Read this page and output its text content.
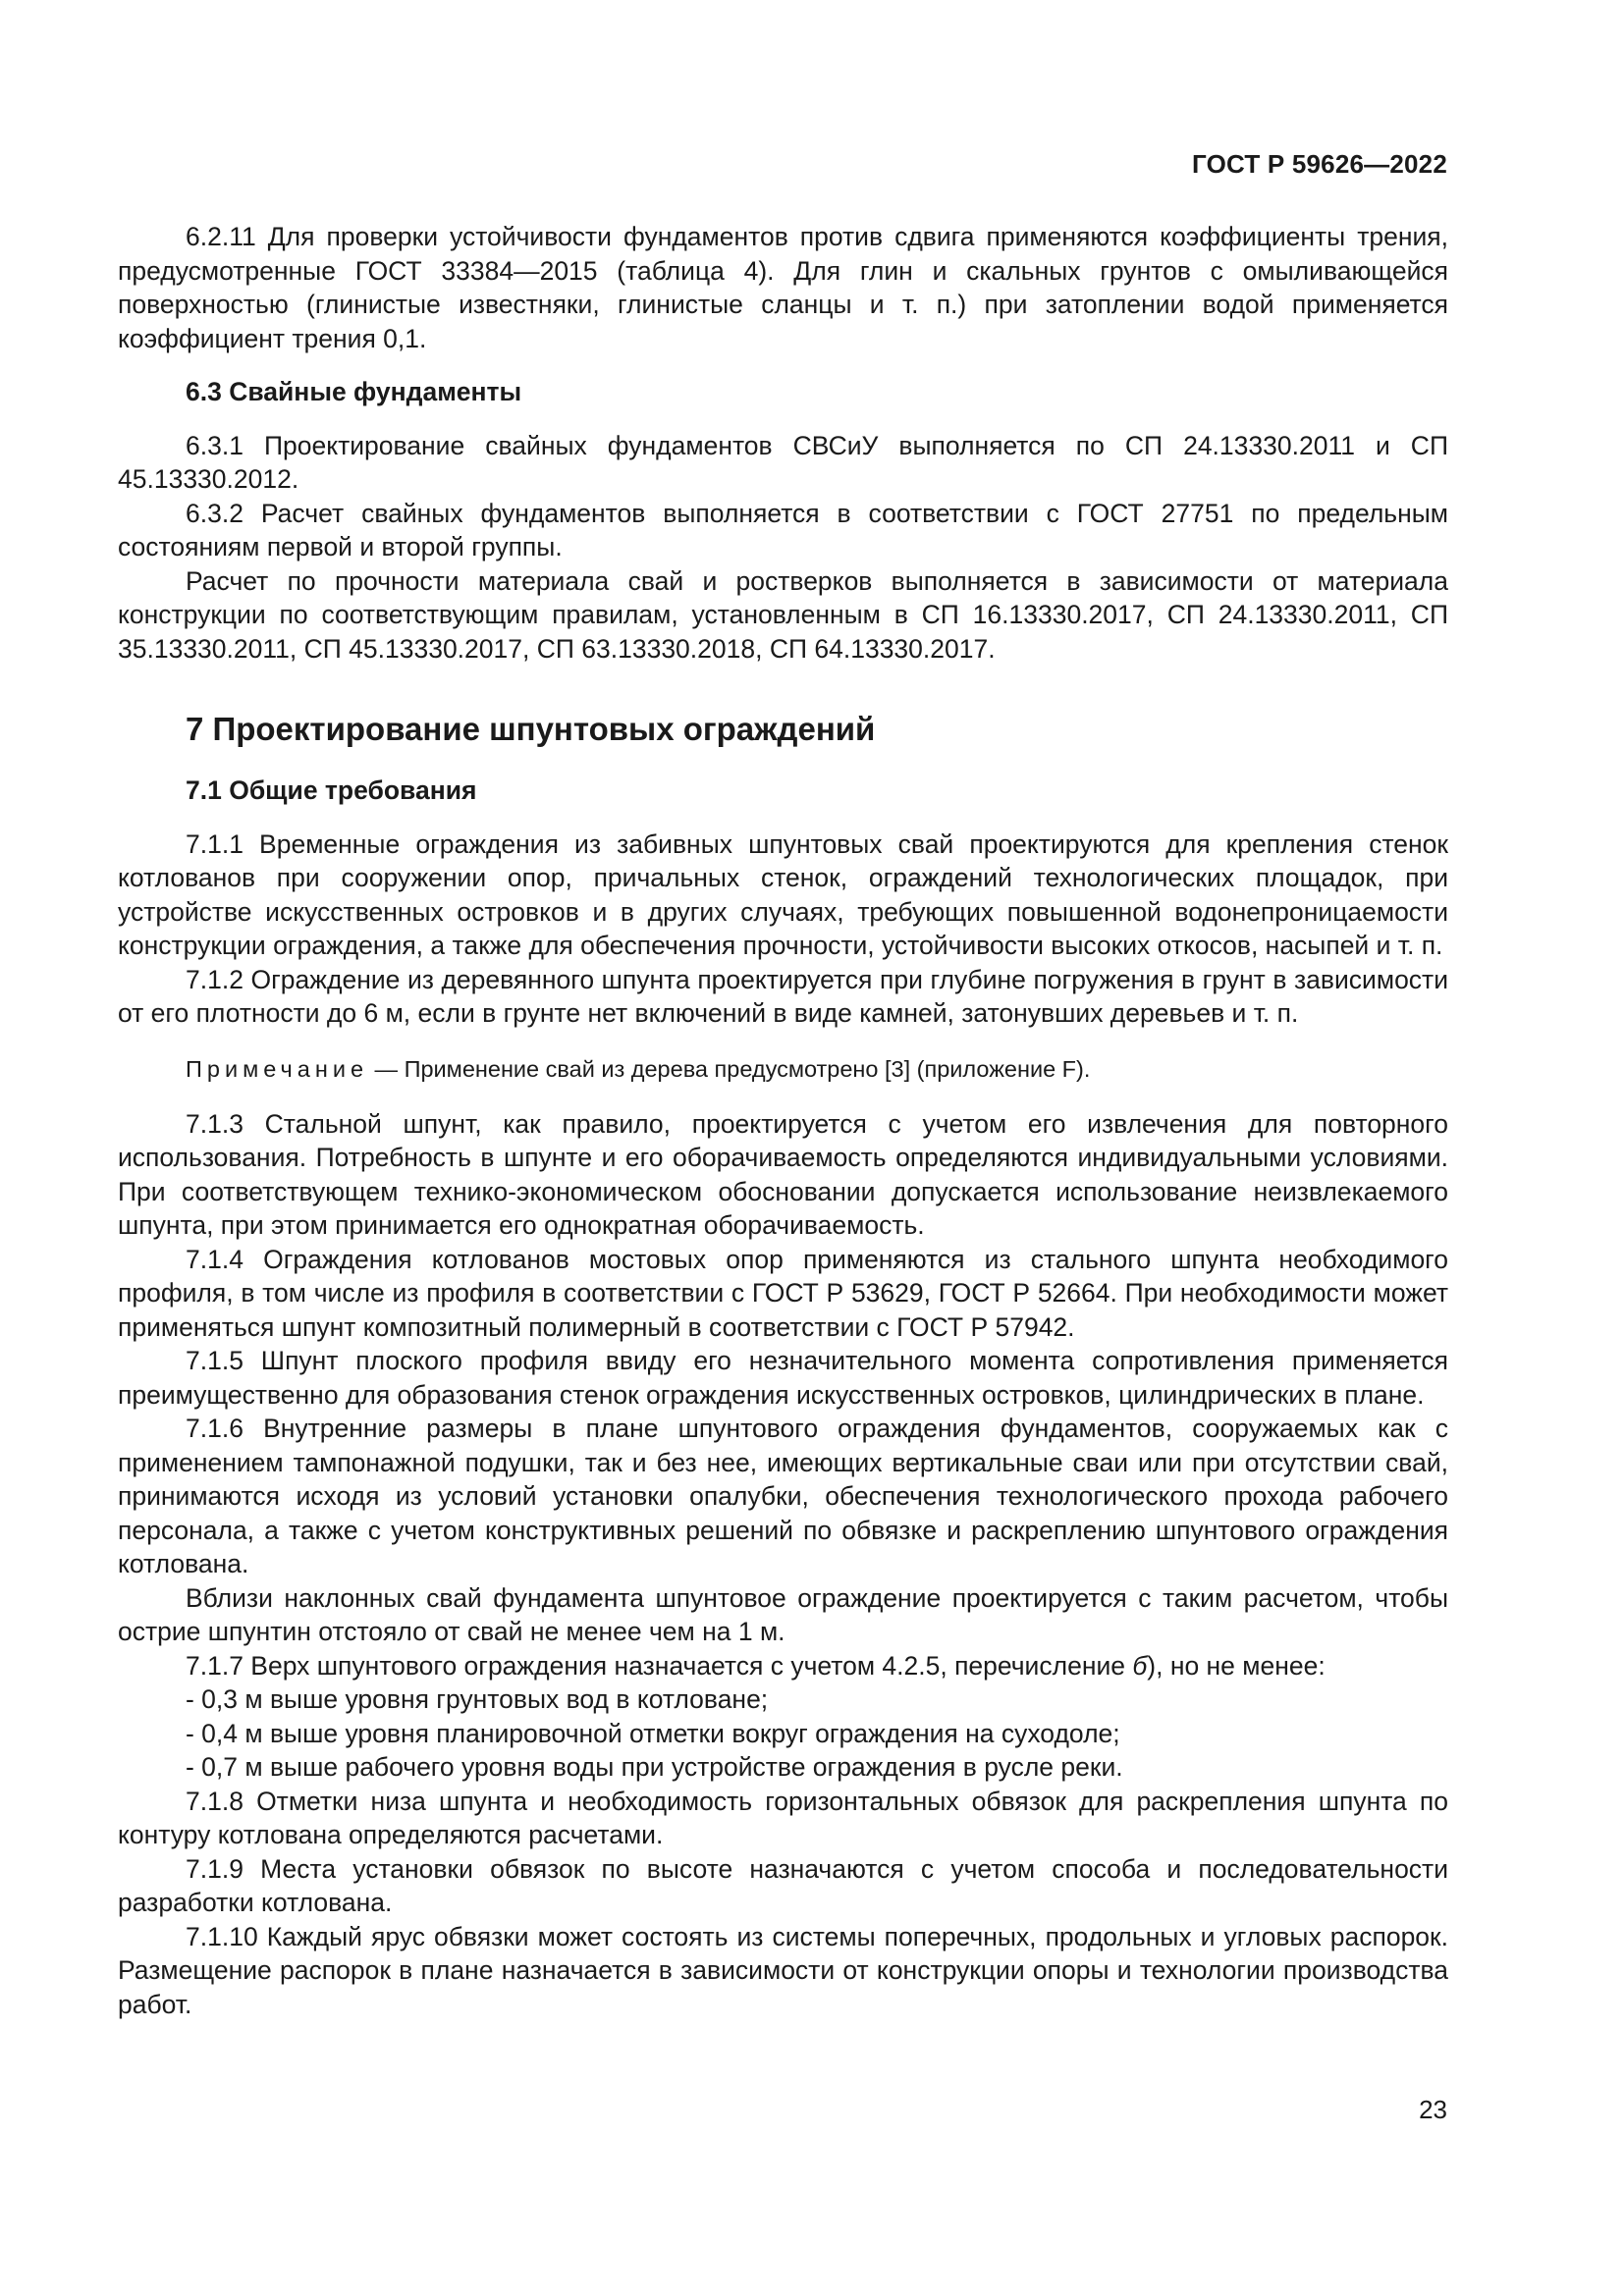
ГОСТ Р 59626—2022

6.2.11 Для проверки устойчивости фундаментов против сдвига применяются коэффициенты трения, предусмотренные ГОСТ 33384—2015 (таблица 4). Для глин и скальных грунтов с омыливающейся поверхностью (глинистые известняки, глинистые сланцы и т. п.) при затоплении водой применяется коэффициент трения 0,1.

6.3 Свайные фундаменты

6.3.1 Проектирование свайных фундаментов СВСиУ выполняется по СП 24.13330.2011 и СП 45.13330.2012.

6.3.2 Расчет свайных фундаментов выполняется в соответствии с ГОСТ 27751 по предельным состояниям первой и второй группы.

Расчет по прочности материала свай и ростверков выполняется в зависимости от материала конструкции по соответствующим правилам, установленным в СП 16.13330.2017, СП 24.13330.2011, СП 35.13330.2011, СП 45.13330.2017, СП 63.13330.2018, СП 64.13330.2017.

7 Проектирование шпунтовых ограждений
7.1 Общие требования

7.1.1 Временные ограждения из забивных шпунтовых свай проектируются для крепления стенок котлованов при сооружении опор, причальных стенок, ограждений технологических площадок, при устройстве искусственных островков и в других случаях, требующих повышенной водонепроницаемости конструкции ограждения, а также для обеспечения прочности, устойчивости высоких откосов, насыпей и т. п.

7.1.2 Ограждение из деревянного шпунта проектируется при глубине погружения в грунт в зависимости от его плотности до 6 м, если в грунте нет включений в виде камней, затонувших деревьев и т. п.

Примечание — Применение свай из дерева предусмотрено [3] (приложение F).

7.1.3 Стальной шпунт, как правило, проектируется с учетом его извлечения для повторного использования. Потребность в шпунте и его оборачиваемость определяются индивидуальными условиями. При соответствующем технико-экономическом обосновании допускается использование неизвлекаемого шпунта, при этом принимается его однократная оборачиваемость.

7.1.4 Ограждения котлованов мостовых опор применяются из стального шпунта необходимого профиля, в том числе из профиля в соответствии с ГОСТ Р 53629, ГОСТ Р 52664. При необходимости может применяться шпунт композитный полимерный в соответствии с ГОСТ Р 57942.

7.1.5 Шпунт плоского профиля ввиду его незначительного момента сопротивления применяется преимущественно для образования стенок ограждения искусственных островков, цилиндрических в плане.

7.1.6 Внутренние размеры в плане шпунтового ограждения фундаментов, сооружаемых как с применением тампонажной подушки, так и без нее, имеющих вертикальные сваи или при отсутствии свай, принимаются исходя из условий установки опалубки, обеспечения технологического прохода рабочего персонала, а также с учетом конструктивных решений по обвязке и раскреплению шпунтового ограждения котлована.

Вблизи наклонных свай фундамента шпунтовое ограждение проектируется с таким расчетом, чтобы острие шпунтин отстояло от свай не менее чем на 1 м.

7.1.7 Верх шпунтового ограждения назначается с учетом 4.2.5, перечисление б), но не менее:

- 0,3 м выше уровня грунтовых вод в котловане;

- 0,4 м выше уровня планировочной отметки вокруг ограждения на суходоле;

- 0,7 м выше рабочего уровня воды при устройстве ограждения в русле реки.

7.1.8 Отметки низа шпунта и необходимость горизонтальных обвязок для раскрепления шпунта по контуру котлована определяются расчетами.

7.1.9 Места установки обвязок по высоте назначаются с учетом способа и последовательности разработки котлована.

7.1.10 Каждый ярус обвязки может состоять из системы поперечных, продольных и угловых распорок. Размещение распорок в плане назначается в зависимости от конструкции опоры и технологии производства работ.

23
